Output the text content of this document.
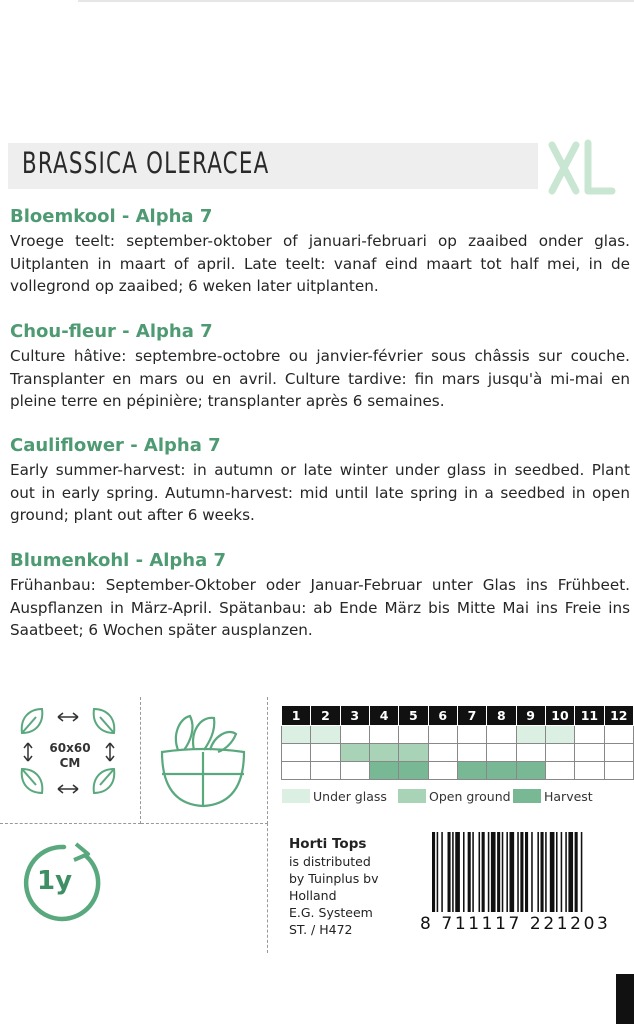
BRASSICA OLERACEA
Bloemkool - Alpha 7

Vroege teelt: september-oktober of januari-februari op zaaibed onder glas. Uitplanten in maart of april. Late teelt: vanaf eind maart tot half mei, in de vollegrond op zaaibed; 6 weken later uitplanten.

Chou-fleur - Alpha 7

Culture hâtive: septembre-octobre ou janvier-février sous châssis sur couche. Transplanter en mars ou en avril. Culture tardive: fin mars jusqu'à mi-mai en pleine terre en pépinière; transplanter après 6 semaines.

Cauliflower - Alpha 7

Early summer-harvest: in autumn or late winter under glass in seedbed. Plant out in early spring. Autumn-harvest: mid until late spring in a seedbed in open ground; plant out after 6 weeks.

Blumenkohl - Alpha 7

Frühanbau: September-Oktober oder Januar-Februar unter Glas ins Frühbeet. Auspflanzen in März-April. Spätanbau: ab Ende März bis Mitte Mai ins Freie ins Saatbeet; 6 Wochen später ausplanzen.

60x60
CM
1y
1	2	3	4	5	6	7	8	9	10	11	12

Under glass	Open ground	Harvest
Horti Tops
is distributed
by Tuinplus bv
Holland
E.G. Systeem
ST. / H472	8 711117 221203
